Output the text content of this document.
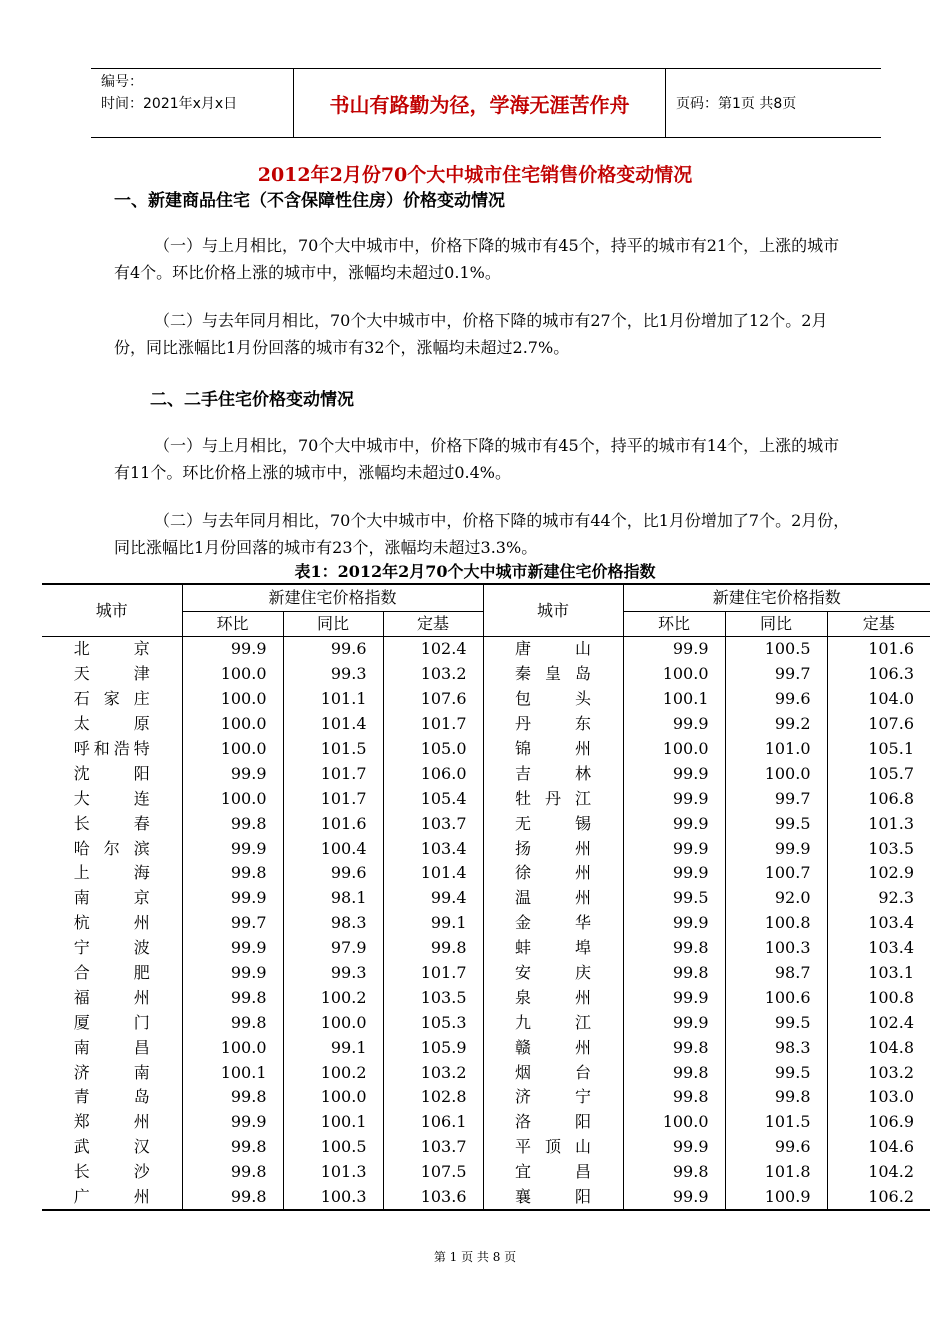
编号：
时间：2021年x月x日	书山有路勤为径，学海无涯苦作舟	页码：第1页 共8页
2012年2月份70个大中城市住宅销售价格变动情况
一、新建商品住宅（不含保障性住房）价格变动情况
（一）与上月相比，70个大中城市中，价格下降的城市有45个，持平的城市有21个，上涨的城市有4个。环比价格上涨的城市中，涨幅均未超过0.1%。
（二）与去年同月相比，70个大中城市中，价格下降的城市有27个，比1月份增加了12个。2月份，同比涨幅比1月份回落的城市有32个，涨幅均未超过2.7%。
二、二手住宅价格变动情况
（一）与上月相比，70个大中城市中，价格下降的城市有45个，持平的城市有14个，上涨的城市有11个。环比价格上涨的城市中，涨幅均未超过0.4%。
（二）与去年同月相比，70个大中城市中，价格下降的城市有44个，比1月份增加了7个。2月份，同比涨幅比1月份回落的城市有23个，涨幅均未超过3.3%。
表1：2012年2月70个大中城市新建住宅价格指数
城市	新建住宅价格指数			城市	新建住宅价格指数		
	环比	同比	定基		环比	同比	定基
北京	99.9	99.6	102.4	唐山	99.9	100.5	101.6
天津	100.0	99.3	103.2	秦皇岛	100.0	99.7	106.3
石家庄	100.0	101.1	107.6	包头	100.1	99.6	104.0
太原	100.0	101.4	101.7	丹东	99.9	99.2	107.6
呼和浩特	100.0	101.5	105.0	锦州	100.0	101.0	105.1
沈阳	99.9	101.7	106.0	吉林	99.9	100.0	105.7
大连	100.0	101.7	105.4	牡丹江	99.9	99.7	106.8
长春	99.8	101.6	103.7	无锡	99.9	99.5	101.3
哈尔滨	99.9	100.4	103.4	扬州	99.9	99.9	103.5
上海	99.8	99.6	101.4	徐州	99.9	100.7	102.9
南京	99.9	98.1	99.4	温州	99.5	92.0	92.3
杭州	99.7	98.3	99.1	金华	99.9	100.8	103.4
宁波	99.9	97.9	99.8	蚌埠	99.8	100.3	103.4
合肥	99.9	99.3	101.7	安庆	99.8	98.7	103.1
福州	99.8	100.2	103.5	泉州	99.9	100.6	100.8
厦门	99.8	100.0	105.3	九江	99.9	99.5	102.4
南昌	100.0	99.1	105.9	赣州	99.8	98.3	104.8
济南	100.1	100.2	103.2	烟台	99.8	99.5	103.2
青岛	99.8	100.0	102.8	济宁	99.8	99.8	103.0
郑州	99.9	100.1	106.1	洛阳	100.0	101.5	106.9
武汉	99.8	100.5	103.7	平顶山	99.9	99.6	104.6
长沙	99.8	101.3	107.5	宜昌	99.8	101.8	104.2
广州	99.8	100.3	103.6	襄阳	99.9	100.9	106.2
第 1 页 共 8 页
